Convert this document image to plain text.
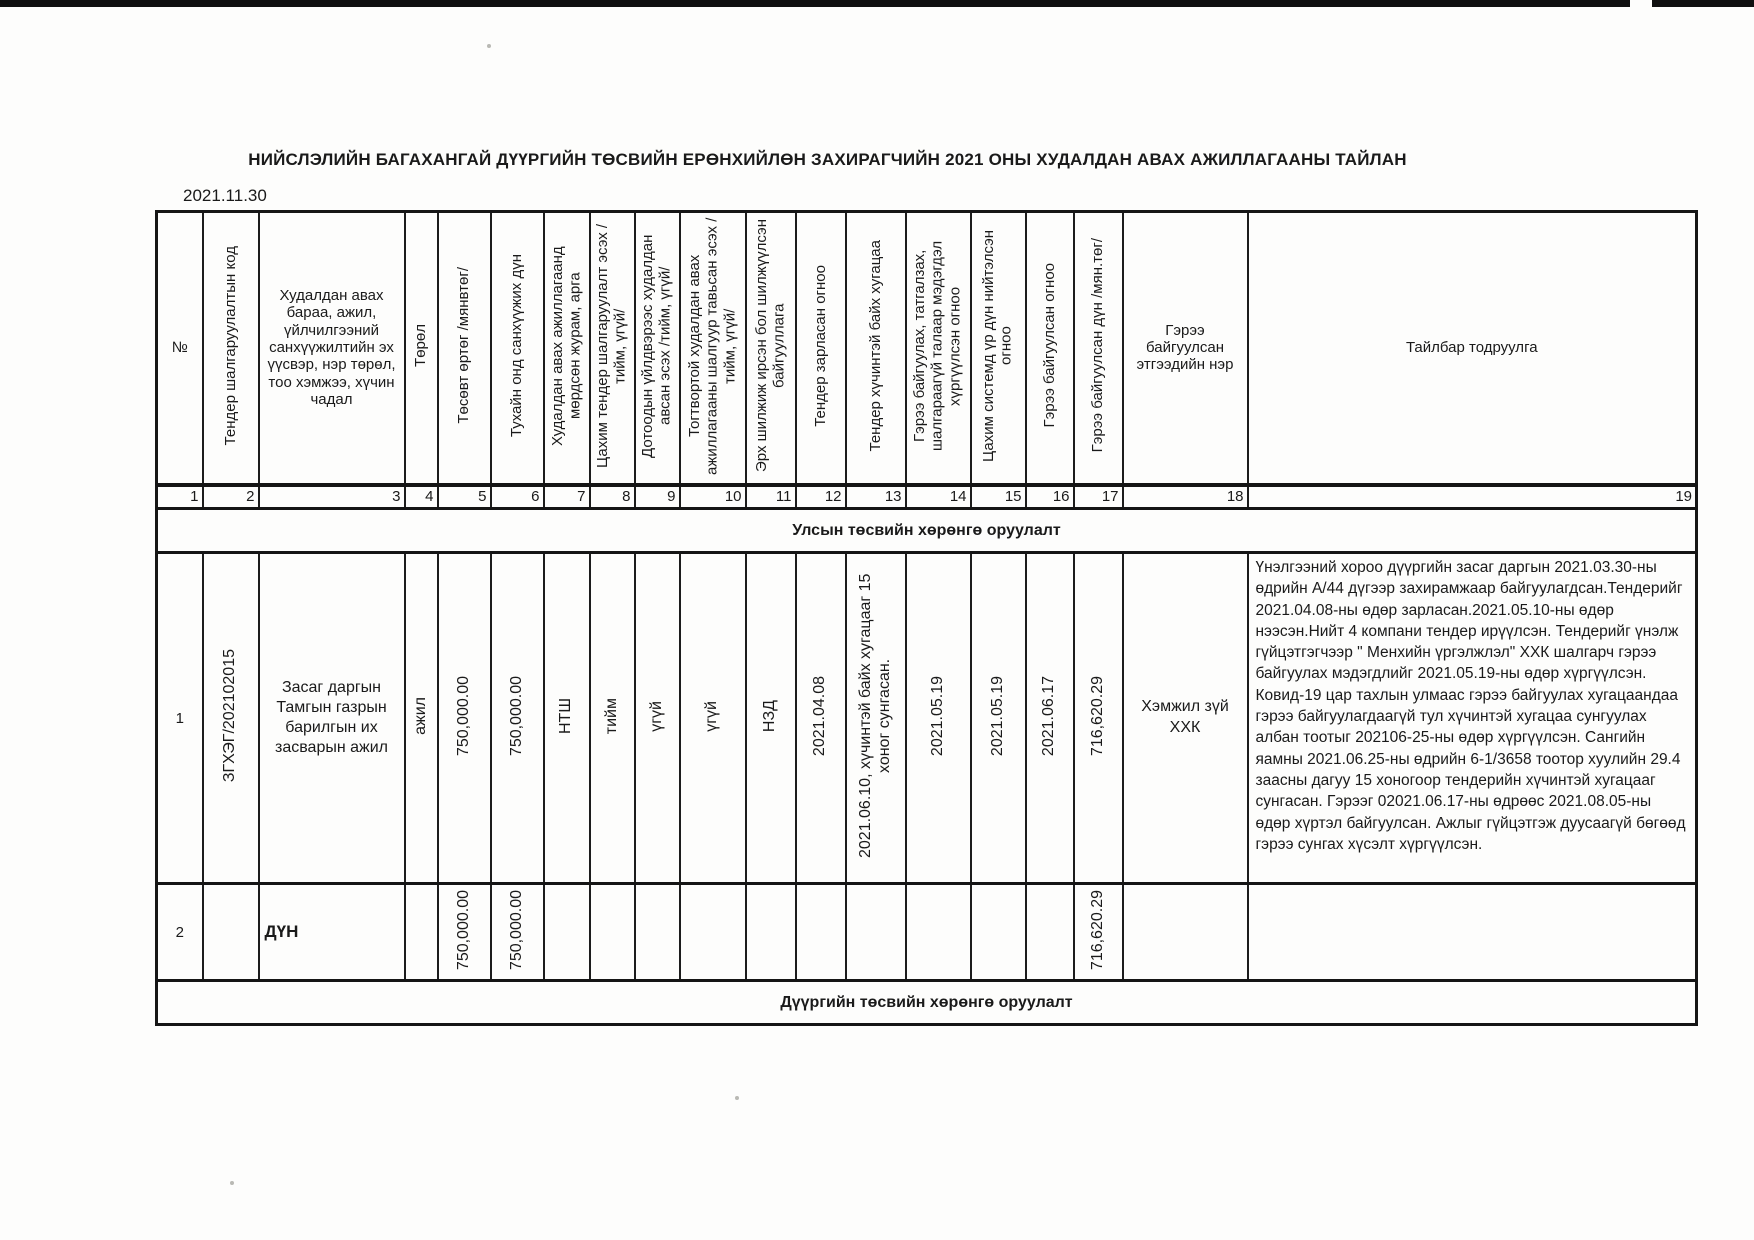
НИЙСЛЭЛИЙН БАГАХАНГАЙ ДҮҮРГИЙН ТӨСВИЙН ЕРӨНХИЙЛӨН ЗАХИРАГЧИЙН 2021 ОНЫ ХУДАЛДАН АВАХ АЖИЛЛАГААНЫ ТАЙЛАН
2021.11.30
№	Тендер шалгаруулалтын код	Худалдан авах бараа, ажил, үйлчилгээний санхүүжилтийн эх үүсвэр, нэр төрөл, тоо хэмжээ, хүчин чадал	Төрөл	Төсөвт өртөг /мянвтөг/	Тухайн онд санхүүжих дүн	Худалдан авах ажиллагаанд мөрдсөн журам, арга	Цахим тендер шалгаруулалт эсэх /тийм, үгүй/	Дотоодын үйлдвэрээс худалдан авсан эсэх /тийм, үгүй/	Тогтвортой худалдан авах ажиллагааны шалгуур тавьсан эсэх /тийм, үгүй/	Эрх шилжиж ирсэн бол шилжүүлсэн байгууллага	Тендер зарласан огноо	Тендер хүчинтэй байх хугацаа	Гэрээ байгуулах, татгалзах, шалгараагүй талаар мэдэгдэл хүргүүлсэн огноо	Цахим системд үр дүн нийтэлсэн огноо	Гэрээ байгуулсан огноо	Гэрээ байгуулсан дүн /мян.төг/	Гэрээ байгуулсан этгээдийн нэр	Тайлбар тодруулга
1	2	3	4	5	6	7	8	9	10	11	12	13	14	15	16	17	18	19
Улсын төсвийн хөрөнгө оруулалт																		
1	ЗГХЭГ/202102015	Засаг даргын Тамгын газрын барилгын их засварын ажил	ажил	750,000.00	750,000.00	НТШ	тийм	үгүй	үгүй	НЗД	2021.04.08	2021.06.10, хүчинтэй байх хугацааг 15 хоног сунгасан.	2021.05.19	2021.05.19	2021.06.17	716,620.29	Хэмжил зүй ХХК	Үнэлгээний хороо дүүргийн засаг даргын 2021.03.30-ны өдрийн А/44 дүгээр захирамжаар байгуулагдсан.Тендерийг 2021.04.08-ны өдөр зарласан.2021.05.10-ны өдөр нээсэн.Нийт 4 компани тендер ирүүлсэн. Тендерийг үнэлж гүйцэтгэгчээр " Менхийн үргэлжлэл" ХХК шалгарч гэрээ байгуулах мэдэгдлийг 2021.05.19-ны өдөр хүргүүлсэн. Ковид-19 цар тахлын улмаас гэрээ байгуулах хугацаандаа гэрээ байгуулагдаагүй тул хүчинтэй хугацаа сунгуулах албан тоотыг 202106-25-ны өдөр хүргүүлсэн. Сангийн яамны 2021.06.25-ны өдрийн 6-1/3658 тоотор хуулийн 29.4 заасны дагуу 15 хоногоор тендерийн хүчинтэй хугацааг сунгасан. Гэрээг 02021.06.17-ны өдрөөс 2021.08.05-ны өдөр хүртэл байгуулсан. Ажлыг гүйцэтгэж дуусаагүй бөгөөд гэрээ сунгах хүсэлт хүргүүлсэн.
2		ДҮН		750,000.00	750,000.00											716,620.29		
Дүүргийн төсвийн хөрөнгө оруулалт																		
